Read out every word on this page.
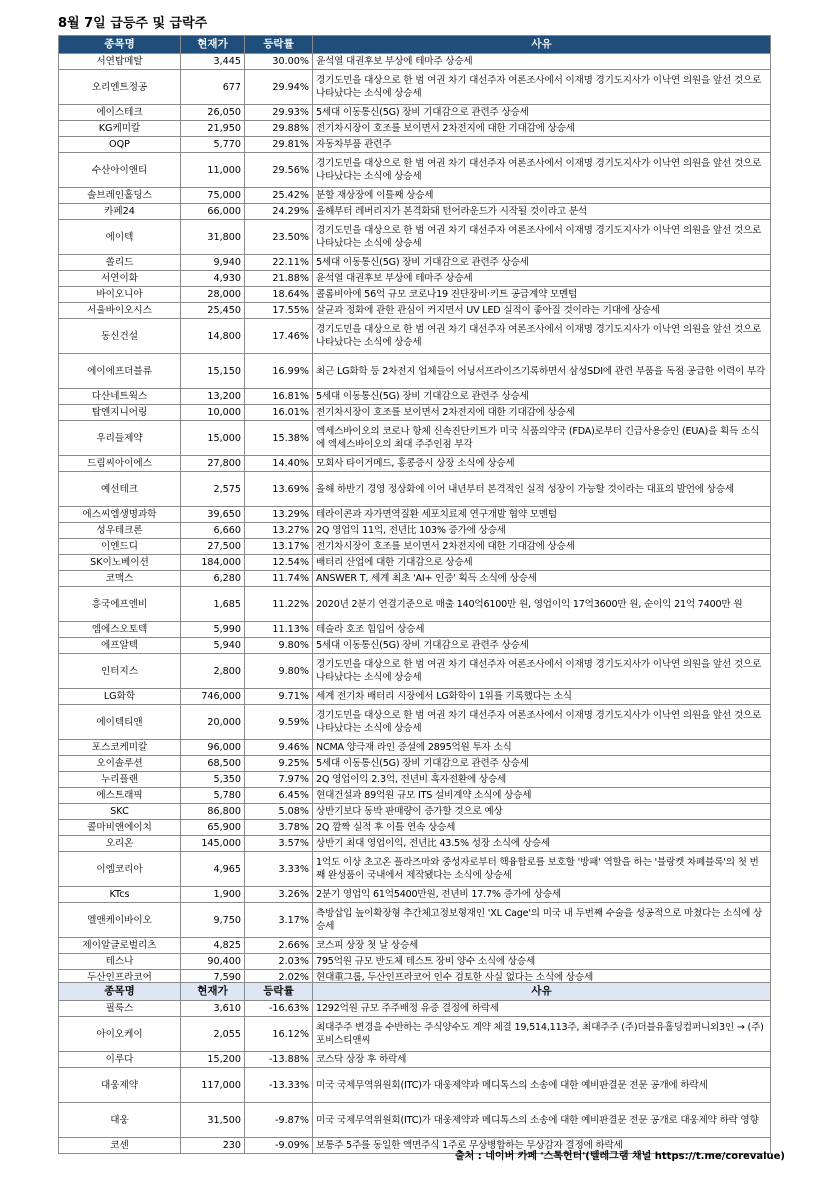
8월 7일 급등주 및 급락주
종목명	현재가	등락률	사유
서연탑메탈	3,445	30.00%	윤석열 대권후보 부상에 테마주 상승세
오리엔트정공	677	29.94%	경기도민을 대상으로 한 범 여권 차기 대선주자 여론조사에서 이재명 경기도지사가 이낙연 의원을 앞선 것으로 나타났다는 소식에 상승세
에이스테크	26,050	29.93%	5세대 이동통신(5G) 장비 기대감으로 관련주 상승세
KG케미칼	21,950	29.88%	전기차시장이 호조를 보이면서 2차전지에 대한 기대감에 상승세
OQP	5,770	29.81%	자동차부품 관련주
수산아이앤티	11,000	29.56%	경기도민을 대상으로 한 범 여권 차기 대선주자 여론조사에서 이재명 경기도지사가 이낙연 의원을 앞선 것으로 나타났다는 소식에 상승세
솔브레인홀딩스	75,000	25.42%	분할 재상장에 이틀째 상승세
카페24	66,000	24.29%	올해부터 레버리지가 본격화돼 턴어라운드가 시작될 것이라고 분석
에이텍	31,800	23.50%	경기도민을 대상으로 한 범 여권 차기 대선주자 여론조사에서 이재명 경기도지사가 이낙연 의원을 앞선 것으로 나타났다는 소식에 상승세
쏠리드	9,940	22.11%	5세대 이동통신(5G) 장비 기대감으로 관련주 상승세
서연이화	4,930	21.88%	윤석열 대권후보 부상에 테마주 상승세
바이오니아	28,000	18.64%	콜롬비아에 56억 규모 코로나19 진단장비·키트 공급계약 모멘텀
서울바이오시스	25,450	17.55%	살균과 정화에 관한 관심이 커지면서 UV LED 실적이 좋아질 것이라는 기대에 상승세
동신건설	14,800	17.46%	경기도민을 대상으로 한 범 여권 차기 대선주자 여론조사에서 이재명 경기도지사가 이낙연 의원을 앞선 것으로 나타났다는 소식에 상승세
에이에프더블류	15,150	16.99%	최근 LG화학 등 2차전지 업체들이 어닝서프라이즈기록하면서 삼성SDI에 관련 부품을 독점 공급한 이력이 부각
다산네트웍스	13,200	16.81%	5세대 이동통신(5G) 장비 기대감으로 관련주 상승세
탑엔지니어링	10,000	16.01%	전기차시장이 호조를 보이면서 2차전지에 대한 기대감에 상승세
우리들제약	15,000	15.38%	엑세스바이오의 코로나 항체 신속진단키트가 미국 식품의약국 (FDA)로부터 긴급사용승인 (EUA)을 획득 소식에 엑세스바이오의 최대 주주인점 부각
드림씨아이에스	27,800	14.40%	모회사 타이거메드, 홍콩증시 상장 소식에 상승세
예선테크	2,575	13.69%	올해 하반기 경영 정상화에 이어 내년부터 본격적인 실적 성장이 가능할 것이라는 대표의 발언에 상승세
에스씨엠생명과학	39,650	13.29%	테라이콘과 자가면역질환 세포치료제 연구개발 협약 모멘텀
성우테크론	6,660	13.27%	2Q 영업익 11억, 전년比 103% 증가에 상승세
이엔드디	27,500	13.17%	전기차시장이 호조를 보이면서 2차전지에 대한 기대감에 상승세
SK이노베이션	184,000	12.54%	배터리 산업에 대한 기대감으로 상승세
코맥스	6,280	11.74%	ANSWER T, 세계 최초 'AI+ 인증' 획득 소식에 상승세
흥국에프엔비	1,685	11.22%	2020년 2분기 연결기준으로 매출 140억6100만 원, 영업이익 17억3600만 원, 순이익 21억 7400만 원
엠에스오토텍	5,990	11.13%	테슬라 호조 힘입어 상승세
에프알텍	5,940	9.80%	5세대 이동통신(5G) 장비 기대감으로 관련주 상승세
인터지스	2,800	9.80%	경기도민을 대상으로 한 범 여권 차기 대선주자 여론조사에서 이재명 경기도지사가 이낙연 의원을 앞선 것으로 나타났다는 소식에 상승세
LG화학	746,000	9.71%	세계 전기차 배터리 시장에서 LG화학이 1위를 기록했다는 소식
에이텍티앤	20,000	9.59%	경기도민을 대상으로 한 범 여권 차기 대선주자 여론조사에서 이재명 경기도지사가 이낙연 의원을 앞선 것으로 나타났다는 소식에 상승세
포스코케미칼	96,000	9.46%	NCMA 양극재 라인 증설에 2895억원 투자 소식
오이솔루션	68,500	9.25%	5세대 이동통신(5G) 장비 기대감으로 관련주 상승세
누리플랜	5,350	7.97%	2Q 영업이익 2.3억, 전년비 흑자전환에 상승세
에스트래픽	5,780	6.45%	현대건설과 89억원 규모 ITS 설비계약 소식에 상승세
SKC	86,800	5.08%	상반기보다 동박 판매량이 증가할 것으로 예상
콜마비앤에이치	65,900	3.78%	2Q 깜짝 실적 후 이틀 연속 상승세
오리온	145,000	3.57%	상반기 최대 영업이익, 전년比 43.5% 성장 소식에 상승세
이엠코리아	4,965	3.33%	1억도 이상 초고온 플라즈마와 중성자로부터 핵융합로를 보호할 '방패' 역할을 하는 '블랑켓 차폐블록'의 첫 번째 완성품이 국내에서 제작됐다는 소식에 상승세
KTcs	1,900	3.26%	2분기 영업익 61억5400만원, 전년비 17.7% 증가에 상승세
엘앤케이바이오	9,750	3.17%	측방삽입 높이확장형 추간체고정보형재인 'XL Cage'의 미국 내 두번째 수술을 성공적으로 마쳤다는 소식에 상승세
제이알글로벌리츠	4,825	2.66%	코스피 상장 첫 날 상승세
테스나	90,400	2.03%	795억원 규모 반도체 테스트 장비 양수 소식에 상승세
두산인프라코어	7,590	2.02%	현대重그룹, 두산인프라코어 인수 검토한 사실 없다는 소식에 상승세
종목명	현재가	등락률	사유
필룩스	3,610	-16.63%	1292억원 규모 주주배정 유증 결정에 하락세
아이오케이	2,055	16.12%	최대주주 변경을 수반하는 주식양수도 계약 체결 19,514,113주, 최대주주 (주)더블유홀딩컴퍼니외3인 → (주)포비스티앤씨
이루다	15,200	-13.88%	코스닥 상장 후 하락세
대웅제약	117,000	-13.33%	미국 국제무역위원회(ITC)가 대웅제약과 메디톡스의 소송에 대한 예비판결문 전문 공개에 하락세
대웅	31,500	-9.87%	미국 국제무역위원회(ITC)가 대웅제약과 메디톡스의 소송에 대한 예비판결문 전문 공개로 대웅제약 하락 영향
코센	230	-9.09%	보통주 5주를 동일한 액면주식 1주로 무상병합하는 무상감자 결정에 하락세
출처 : 네이버 카페 '스톡헌터'(텔레그램 채널 https://t.me/corevalue)
